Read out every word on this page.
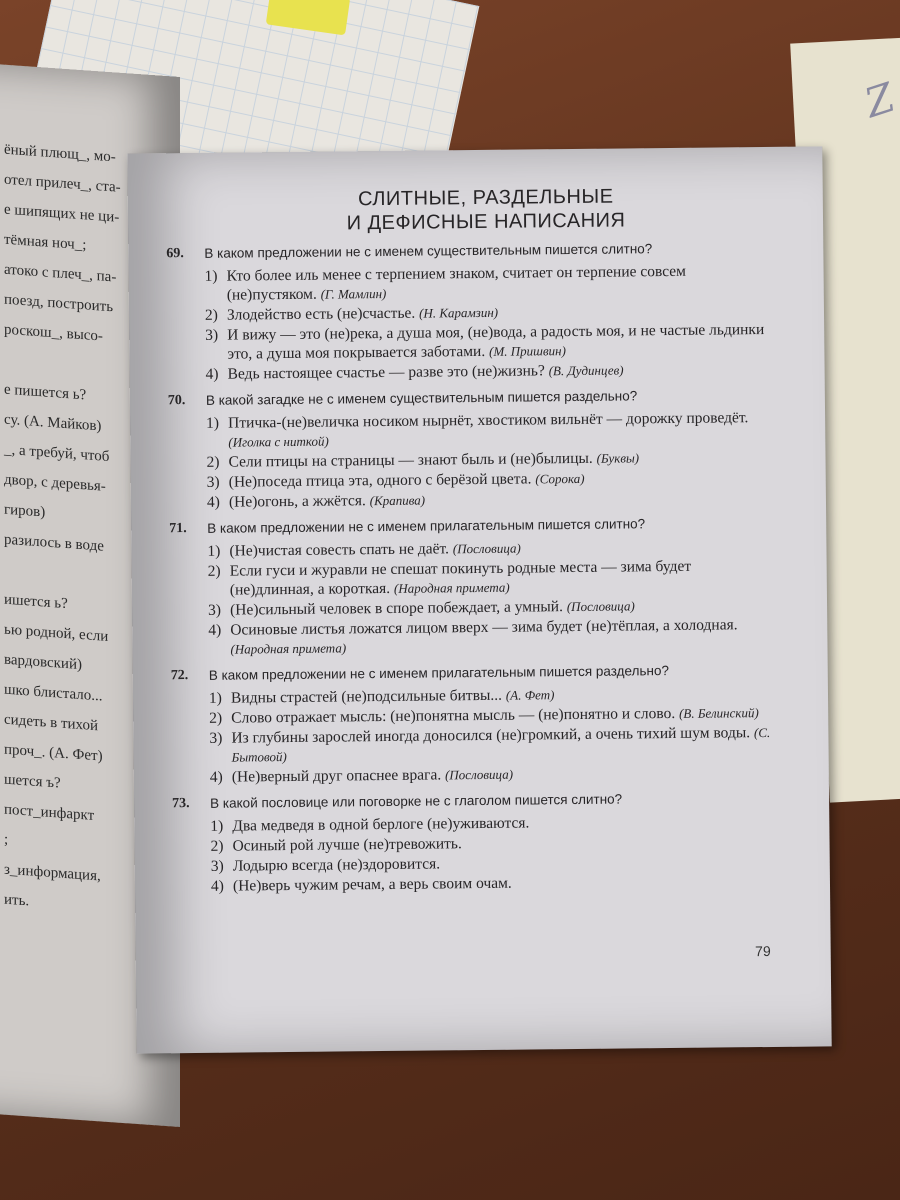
Z
ёный плющ_, мо-
отел прилеч_, ста-
е шипящих не ци-
тёмная ноч_;
атоко с плеч_, па-
поезд, построить
роскош_, высо-

е пишется ь?
су. (А. Майков)
_, а требуй, чтоб
двор, с деревья-
гиров)
разилось в воде

ишется ь?
ью родной, если
вардовский)
шко блистало...
сидеть в тихой
проч_. (А. Фет)
шется ъ?
пост_инфаркт
;
з_информация,
ить.
СЛИТНЫЕ, РАЗДЕЛЬНЫЕ
И ДЕФИСНЫЕ НАПИСАНИЯ
69.	В каком предложении не с именем существительным пишется слитно?
1) Кто более иль менее с терпением знаком, считает он терпение совсем (не)пустяком. (Г. Мамлин)
2) Злодейство есть (не)счастье. (Н. Карамзин)
3) И вижу — это (не)река, а душа моя, (не)вода, а радость моя, и не частые льдинки это, а душа моя покрывается заботами. (М. Пришвин)
4) Ведь настоящее счастье — разве это (не)жизнь? (В. Дудинцев)
70.	В какой загадке не с именем существительным пишется раздельно?
1) Птичка-(не)величка носиком нырнёт, хвостиком вильнёт — дорожку проведёт. (Иголка с ниткой)
2) Сели птицы на страницы — знают быль и (не)былицы. (Буквы)
3) (Не)поседа птица эта, одного с берёзой цвета. (Сорока)
4) (Не)огонь, а жжётся. (Крапива)
71.	В каком предложении не с именем прилагательным пишется слитно?
1) (Не)чистая совесть спать не даёт. (Пословица)
2) Если гуси и журавли не спешат покинуть родные места — зима будет (не)длинная, а короткая. (Народная примета)
3) (Не)сильный человек в споре побеждает, а умный. (Пословица)
4) Осиновые листья ложатся лицом вверх — зима будет (не)тёплая, а холодная. (Народная примета)
72.	В каком предложении не с именем прилагательным пишется раздельно?
1) Видны страстей (не)подсильные битвы... (А. Фет)
2) Слово отражает мысль: (не)понятна мысль — (не)понятно и слово. (В. Белинский)
3) Из глубины зарослей иногда доносился (не)громкий, а очень тихий шум воды. (С. Бытовой)
4) (Не)верный друг опаснее врага. (Пословица)
73.	В какой пословице или поговорке не с глаголом пишется слитно?
1) Два медведя в одной берлоге (не)уживаются.
2) Осиный рой лучше (не)тревожить.
3) Лодырю всегда (не)здоровится.
4) (Не)верь чужим речам, а верь своим очам.
79
